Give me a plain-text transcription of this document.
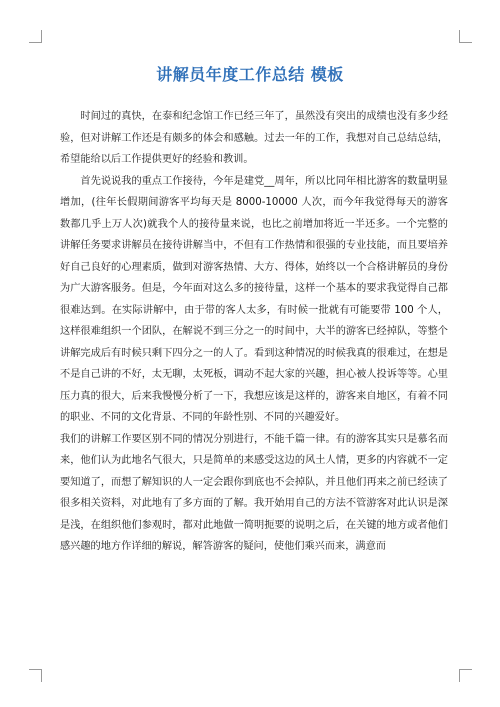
讲解员年度工作总结 模板

时间过的真快，在泰和纪念馆工作已经三年了，虽然没有突出的成绩也没有多少经验，但对讲解工作还是有颇多的体会和感触。过去一年的工作，我想对自己总结总结，希望能给以后工作提供更好的经验和教训。

首先说说我的重点工作接待，今年是建党__周年，所以比同年相比游客的数量明显增加，(往年长假期间游客平均每天是 8000-10000 人次，而今年我觉得每天的游客数都几乎上万人次)就我个人的接待量来说，也比之前增加将近一半还多。一个完整的讲解任务要求讲解员在接待讲解当中，不但有工作热情和很强的专业技能，而且要培养好自己良好的心理素质，做到对游客热情、大方、得体，始终以一个合格讲解员的身份为广大游客服务。但是，今年面对这么多的接待量，这样一个基本的要求我觉得自己都很难达到。在实际讲解中，由于带的客人太多，有时候一批就有可能要带 100 个人，这样很难组织一个团队，在解说不到三分之一的时间中，大半的游客已经掉队，等整个讲解完成后有时候只剩下四分之一的人了。看到这种情况的时候我真的很难过，在想是不是自己讲的不好，太无聊，太死板，调动不起大家的兴趣，担心被人投诉等等。心里压力真的很大，后来我慢慢分析了一下，我想应该是这样的，游客来自地区，有着不同的职业、不同的文化背景、不同的年龄性别、不同的兴趣爱好。

我们的讲解工作要区别不同的情况分别进行，不能千篇一律。有的游客其实只是慕名而来，他们认为此地名气很大，只是简单的来感受这边的风土人情，更多的内容就不一定要知道了，而想了解知识的人一定会跟你到底也不会掉队，并且他们再来之前已经读了很多相关资料，对此地有了多方面的了解。我开始用自己的方法不管游客对此认识是深是浅，在组织他们参观时，都对此地做一简明扼要的说明之后，在关键的地方或者他们感兴趣的地方作详细的解说，解答游客的疑问，使他们乘兴而来，满意而
